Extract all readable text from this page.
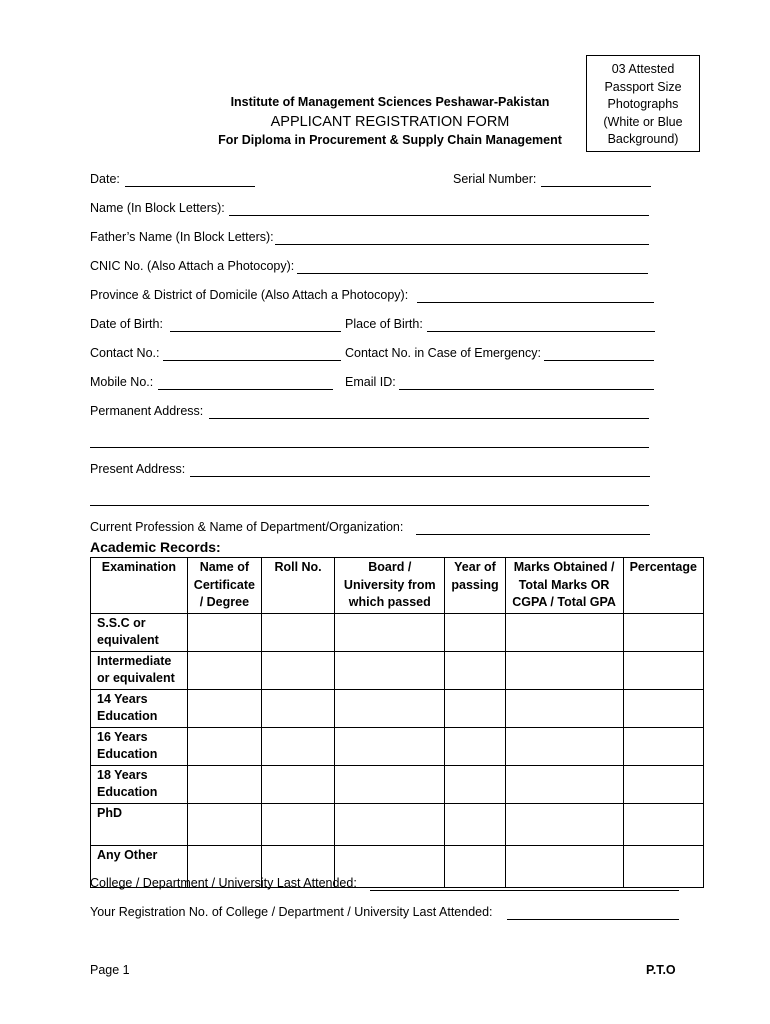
03 Attested
Passport Size
Photographs
(White or Blue
Background)
Institute of Management Sciences Peshawar-Pakistan
APPLICANT REGISTRATION FORM
For Diploma in Procurement & Supply Chain Management
Date:	Serial Number:
Name (In Block Letters):
Father’s Name (In Block Letters):
CNIC No. (Also Attach a Photocopy):
Province & District of Domicile (Also Attach a Photocopy):
Date of Birth:	Place of Birth:
Contact No.:	Contact No. in Case of Emergency:
Mobile No.:	Email ID:
Permanent Address:
Present Address:
Current Profession & Name of Department/Organization:
Academic Records:
Examination	Name of Certificate / Degree	Roll No.	Board / University from which passed	Year of passing	Marks Obtained / Total Marks OR CGPA / Total GPA	Percentage
S.S.C or equivalent						
Intermediate or equivalent						
14 Years Education						
16 Years Education						
18 Years Education						
PhD						
Any Other						
College / Department / University Last Attended:
Your Registration No. of College / Department / University Last Attended:
Page 1	P.T.O
